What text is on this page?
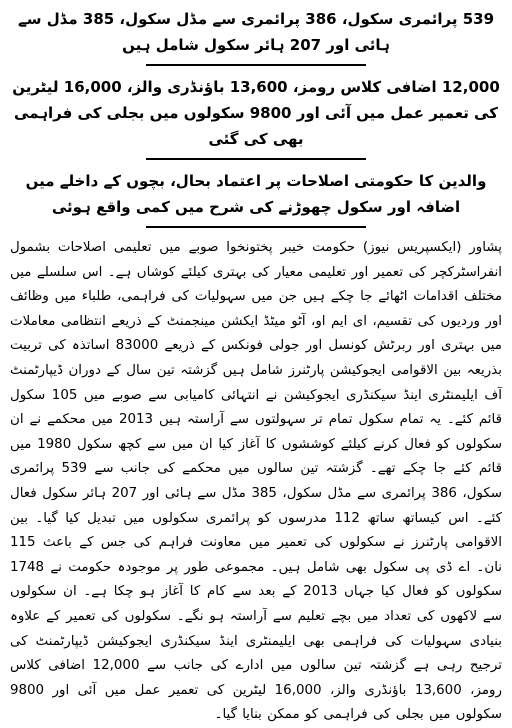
539 پرائمری سکول، 386 پرائمری سے مڈل سکول، 385 مڈل سے ہائی اور 207 ہائر سکول شامل ہیں

12,000 اضافی کلاس رومز، 13,600 باؤنڈری والز، 16,000 لیٹرین کی تعمیر عمل میں آئی اور 9800 سکولوں میں بجلی کی فراہمی بھی کی گئی

والدین کا حکومتی اصلاحات پر اعتماد بحال، بچوں کے داخلے میں اضافہ اور سکول چھوڑنے کی شرح میں کمی واقع ہوئی

پشاور (ایکسپریس نیوز) حکومت خیبر پختونخوا صوبے میں تعلیمی اصلاحات بشمول انفراسٹرکچر کی تعمیر اور تعلیمی معیار کی بہتری کیلئے کوشاں ہے۔ اس سلسلے میں مختلف اقدامات اٹھائے جا چکے ہیں جن میں سہولیات کی فراہمی، طلباء میں وظائف اور وردیوں کی تقسیم، ای ایم او، آٹو میٹڈ ایکشن مینجمنٹ کے ذریعے انتظامی معاملات میں بہتری اور ربرٹش کونسل اور جولی فونکس کے ذریعے 83000 اساتذہ کی تربیت بذریعہ بین الاقوامی ایجوکیشن پارٹنرز شامل ہیں گزشتہ تین سال کے دوران ڈیپارٹمنٹ آف ایلیمنٹری اینڈ سیکنڈری ایجوکیشن نے انتہائی کامیابی سے صوبے میں 105 سکول قائم کئے۔ یہ تمام سکول تمام تر سہولتوں سے آراستہ ہیں 2013 میں محکمے نے ان سکولوں کو فعال کرنے کیلئے کوششوں کا آغاز کیا ان میں سے کچھ سکول 1980 میں قائم کئے جا چکے تھے۔ گزشتہ تین سالوں میں محکمے کی جانب سے 539 پرائمری سکول، 386 پرائمری سے مڈل سکول، 385 مڈل سے ہائی اور 207 ہائر سکول فعال کئے۔ اس کیساتھ ساتھ 112 مدرسوں کو پرائمری سکولوں میں تبدیل کیا گیا۔ بین الاقوامی پارٹنرز نے سکولوں کی تعمیر میں معاونت فراہم کی جس کے باعث 115 نان۔ اے ڈی پی سکول بھی شامل ہیں۔ مجموعی طور پر موجودہ حکومت نے 1748 سکولوں کو فعال کیا جہاں 2013 کے بعد سے کام کا آغاز ہو چکا ہے۔ ان سکولوں سے لاکھوں کی تعداد میں بچے تعلیم سے آراستہ ہو نگے۔ سکولوں کی تعمیر کے علاوہ بنیادی سہولیات کی فراہمی بھی ایلیمنٹری اینڈ سیکنڈری ایجوکیشن ڈیپارٹمنٹ کی ترجیح رہی ہے گزشتہ تین سالوں میں ادارے کی جانب سے 12,000 اضافی کلاس رومز، 13,600 باؤنڈری والز، 16,000 لیٹرین کی تعمیر عمل میں آئی اور 9800 سکولوں میں بجلی کی فراہمی کو ممکن بنایا گیا۔
